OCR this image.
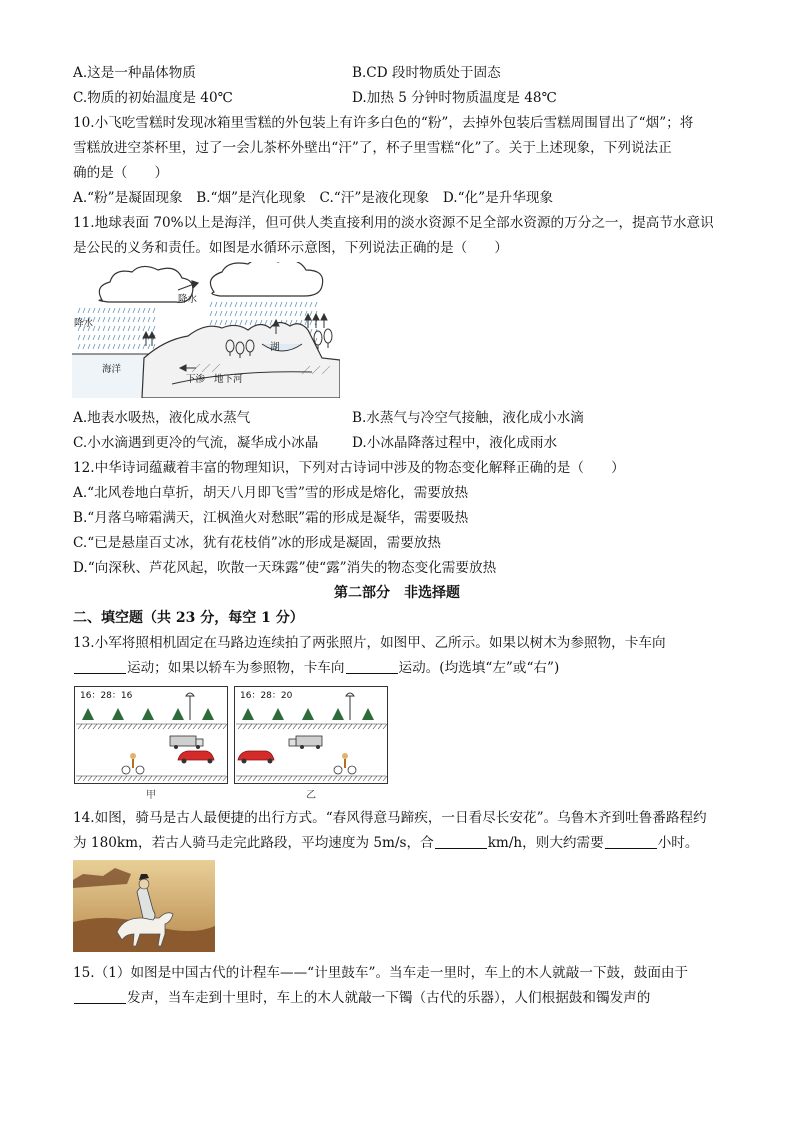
A.这是一种晶体物质	B.CD 段时物质处于固态
C.物质的初始温度是 40℃	D.加热 5 分钟时物质温度是 48℃
10.小飞吃雪糕时发现冰箱里雪糕的外包装上有许多白色的“粉”，去掉外包装后雪糕周围冒出了“烟”；将
雪糕放进空茶杯里，过了一会儿茶杯外壁出“汗”了，杯子里雪糕“化”了。关于上述现象，下列说法正
确的是（　　）
A.“粉”是凝固现象　B.“烟”是汽化现象　C.“汗”是液化现象　D.“化”是升华现象
11.地球表面 70%以上是海洋，但可供人类直接利用的淡水资源不足全部水资源的万分之一，提高节水意识
是公民的义务和责任。如图是水循环示意图，下列说法正确的是（　　）
降水
降水
湖
海洋
下渗 地下河
A.地表水吸热，液化成水蒸气	B.水蒸气与冷空气接触，液化成小水滴
C.小水滴遇到更冷的气流，凝华成小冰晶 D.小冰晶降落过程中，液化成雨水
12.中华诗词蕴藏着丰富的物理知识，下列对古诗词中涉及的物态变化解释正确的是（　　）
A.“北风卷地白草折，胡天八月即飞雪”雪的形成是熔化，需要放热
B.“月落乌啼霜满天，江枫渔火对愁眠”霜的形成是凝华，需要吸热
C.“已是悬崖百丈冰，犹有花枝俏”冰的形成是凝固，需要放热
D.“向深秋、芦花风起，吹散一天珠露”使“露”消失的物态变化需要放热
第二部分　非选择题
二、填空题（共 23 分，每空 1 分）
13.小军将照相机固定在马路边连续拍了两张照片，如图甲、乙所示。如果以树木为参照物，卡车向
运动；如果以轿车为参照物，卡车向	运动。(均选填“左”或“右”)
16：28：16
甲
16：28：20
乙
14.如图，骑马是古人最便捷的出行方式。“春风得意马蹄疾，一日看尽长安花”。乌鲁木齐到吐鲁番路程约
为 180km，若古人骑马走完此路段，平均速度为 5m/s，合	km/h，则大约需要	小时。
15.（1）如图是中国古代的计程车——“计里鼓车”。当车走一里时，车上的木人就敲一下鼓，鼓面由于
发声，当车走到十里时，车上的木人就敲一下镯（古代的乐器），人们根据鼓和镯发声的
